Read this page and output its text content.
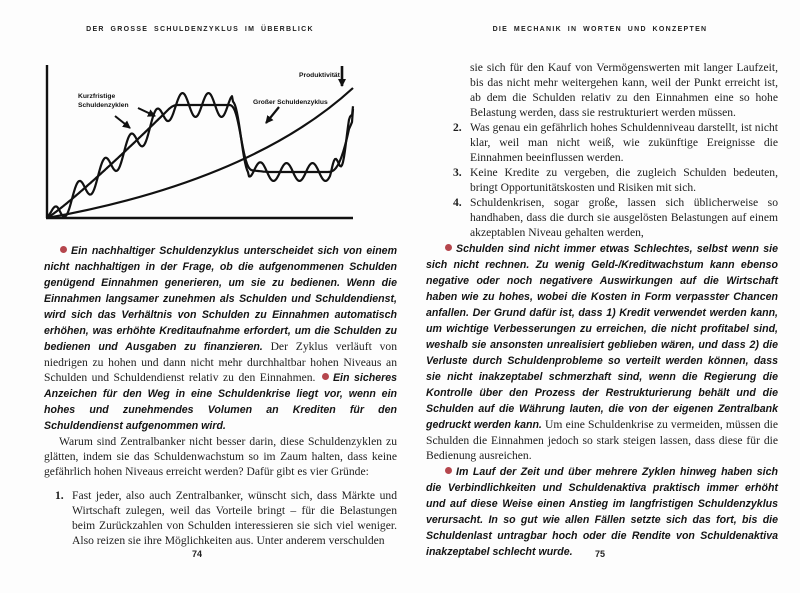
DER GROSSE SCHULDENZYKLUS IM ÜBERBLICK	DIE MECHANIK IN WORTEN UND KONZEPTEN
Kurzfristige
Schuldenzyklen	Großer Schuldenzyklus
Produktivität

Ein nachhaltiger Schuldenzyklus unterscheidet sich von einem nicht nachhaltigen in der Frage, ob die aufgenommenen Schulden genügend Einnahmen generieren, um sie zu bedienen. Wenn die Einnahmen langsamer zunehmen als Schulden und Schuldendienst, wird sich das Verhältnis von Schulden zu Einnahmen automatisch erhöhen, was erhöhte Kreditaufnahme erfordert, um die Schulden zu bedienen und Ausgaben zu finanzieren. Der Zyklus verläuft von niedrigen zu hohen und dann nicht mehr durchhaltbar hohen Niveaus an Schulden und Schuldendienst relativ zu den Einnahmen. Ein sicheres Anzeichen für den Weg in eine Schuldenkrise liegt vor, wenn ein hohes und zunehmendes Volumen an Krediten für den Schuldendienst aufgenommen wird.

Warum sind Zentralbanker nicht besser darin, diese Schuldenzyklen zu glätten, indem sie das Schuldenwachstum so im Zaum halten, dass keine gefährlich hohen Niveaus erreicht werden? Dafür gibt es vier Gründe:

1. Fast jeder, also auch Zentralbanker, wünscht sich, dass Märkte und Wirtschaft zulegen, weil das Vorteile bringt – für die Belastungen beim Zurückzahlen von Schulden interessieren sie sich viel weniger. Also reizen sie ihre Möglichkeiten aus. Unter anderem verschulden
74

sie sich für den Kauf von Vermögenswerten mit langer Laufzeit, bis das nicht mehr weitergehen kann, weil der Punkt erreicht ist, ab dem die Schulden relativ zu den Einnahmen eine so hohe Belastung werden, dass sie restrukturiert werden müssen.

2. Was genau ein gefährlich hohes Schuldenniveau darstellt, ist nicht klar, weil man nicht weiß, wie zukünftige Ereignisse die Einnahmen beeinflussen werden.
3. Keine Kredite zu vergeben, die zugleich Schulden bedeuten, bringt Opportunitätskosten und Risiken mit sich.
4. Schuldenkrisen, sogar große, lassen sich üblicherweise so handhaben, dass die durch sie ausgelösten Belastungen auf einem akzeptablen Niveau gehalten werden,

Schulden sind nicht immer etwas Schlechtes, selbst wenn sie sich nicht rechnen. Zu wenig Geld-/Kreditwachstum kann ebenso negative oder noch negativere Auswirkungen auf die Wirtschaft haben wie zu hohes, wobei die Kosten in Form verpasster Chancen anfallen. Der Grund dafür ist, dass 1) Kredit verwendet werden kann, um wichtige Verbesserungen zu erreichen, die nicht profitabel sind, weshalb sie ansonsten unrealisiert geblieben wären, und dass 2) die Verluste durch Schuldenprobleme so verteilt werden können, dass sie nicht inakzeptabel schmerzhaft sind, wenn die Regierung die Kontrolle über den Prozess der Restrukturierung behält und die Schulden auf die Währung lauten, die von der eigenen Zentralbank gedruckt werden kann. Um eine Schuldenkrise zu vermeiden, müssen die Schulden die Einnahmen jedoch so stark steigen lassen, dass diese für die Bedienung ausreichen.

Im Lauf der Zeit und über mehrere Zyklen hinweg haben sich die Verbindlichkeiten und Schuldenaktiva praktisch immer erhöht und auf diese Weise einen Anstieg im langfristigen Schuldenzyklus verursacht. In so gut wie allen Fällen setzte sich das fort, bis die Schuldenlast untragbar hoch oder die Rendite von Schuldenaktiva inakzeptabel schlecht wurde.	75
